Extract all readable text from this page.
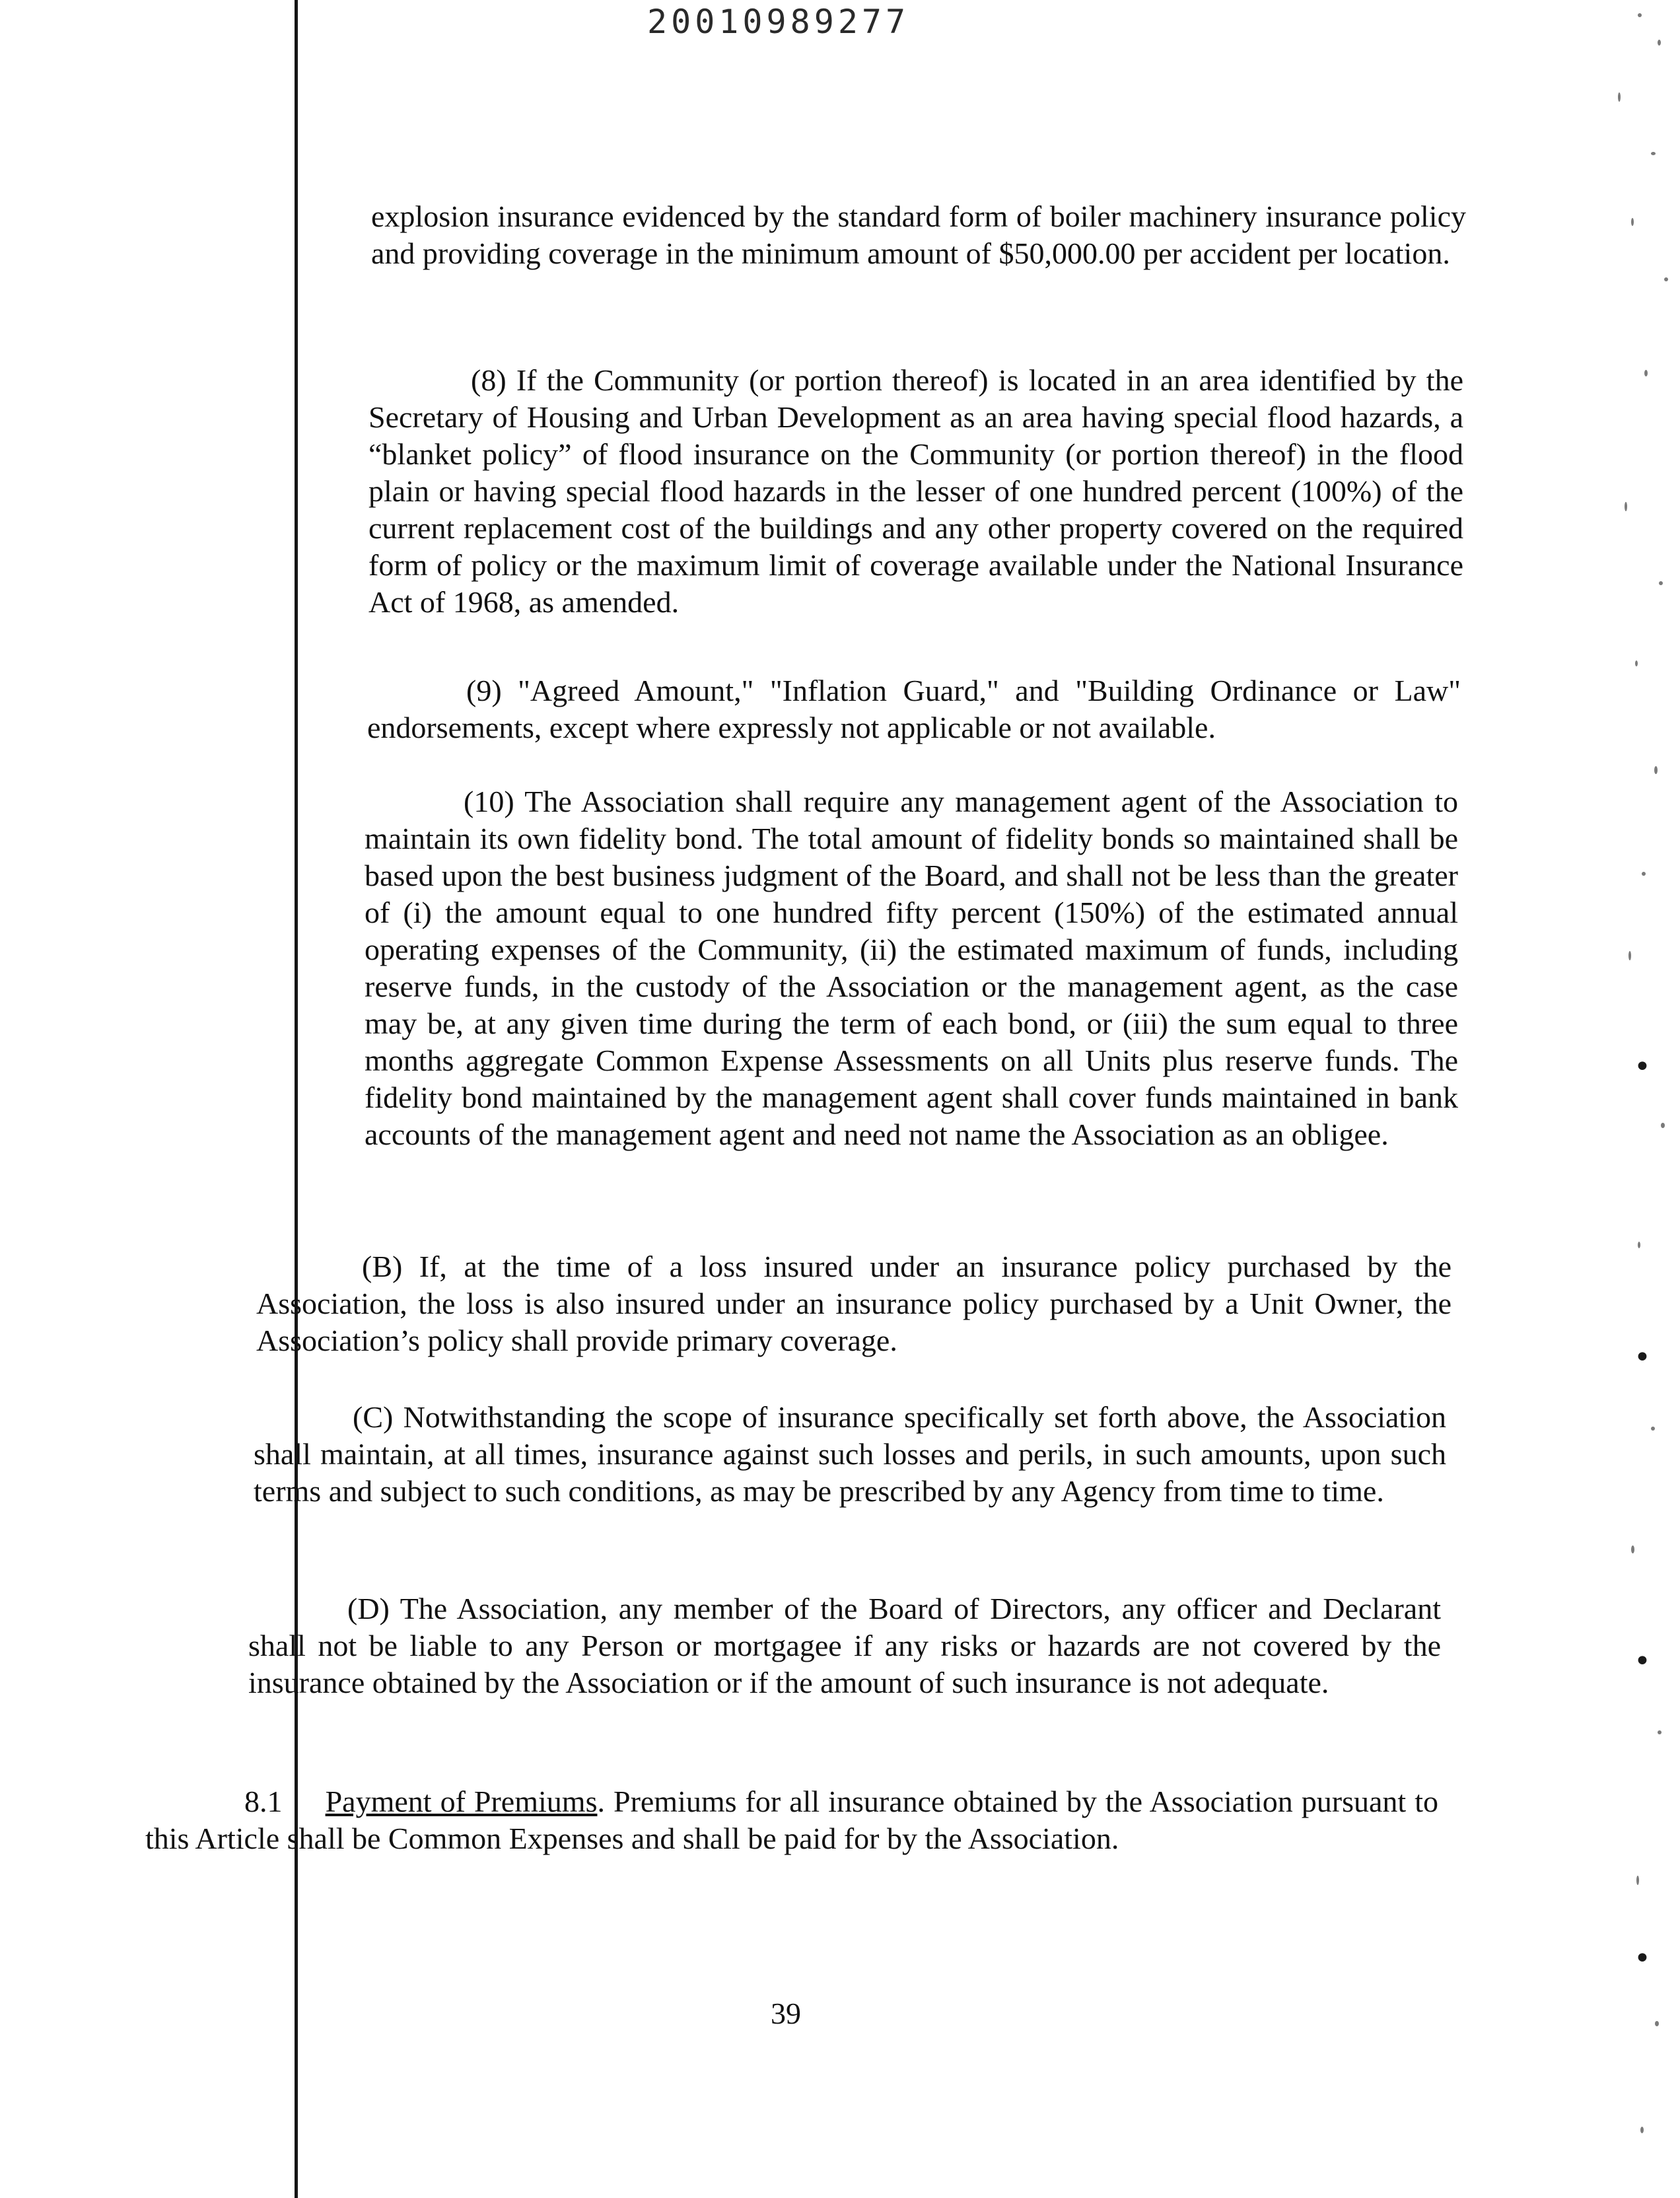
20010989277

explosion insurance evidenced by the standard form of boiler machinery insurance policy and providing coverage in the minimum amount of $50,000.00 per accident per location.

(8) If the Community (or portion thereof) is located in an area identified by the Secretary of Housing and Urban Development as an area having special flood hazards, a “blanket policy” of flood insurance on the Community (or portion thereof) in the flood plain or having special flood hazards in the lesser of one hundred percent (100%) of the current replacement cost of the buildings and any other property covered on the required form of policy or the maximum limit of coverage available under the National Insurance Act of 1968, as amended.

(9) "Agreed Amount," "Inflation Guard," and "Building Ordinance or Law" endorsements, except where expressly not applicable or not available.

(10) The Association shall require any management agent of the Association to maintain its own fidelity bond. The total amount of fidelity bonds so maintained shall be based upon the best business judgment of the Board, and shall not be less than the greater of (i) the amount equal to one hundred fifty percent (150%) of the estimated annual operating expenses of the Community, (ii) the estimated maximum of funds, including reserve funds, in the custody of the Association or the management agent, as the case may be, at any given time during the term of each bond, or (iii) the sum equal to three months aggregate Common Expense Assessments on all Units plus reserve funds. The fidelity bond maintained by the management agent shall cover funds maintained in bank accounts of the management agent and need not name the Association as an obligee.

(B) If, at the time of a loss insured under an insurance policy purchased by the Association, the loss is also insured under an insurance policy purchased by a Unit Owner, the Association’s policy shall provide primary coverage.

(C) Notwithstanding the scope of insurance specifically set forth above, the Association shall maintain, at all times, insurance against such losses and perils, in such amounts, upon such terms and subject to such conditions, as may be prescribed by any Agency from time to time.

(D) The Association, any member of the Board of Directors, any officer and Declarant shall not be liable to any Person or mortgagee if any risks or hazards are not covered by the insurance obtained by the Association or if the amount of such insurance is not adequate.

8.1 Payment of Premiums. Premiums for all insurance obtained by the Association pursuant to this Article shall be Common Expenses and shall be paid for by the Association.

39
•
•
•
•
